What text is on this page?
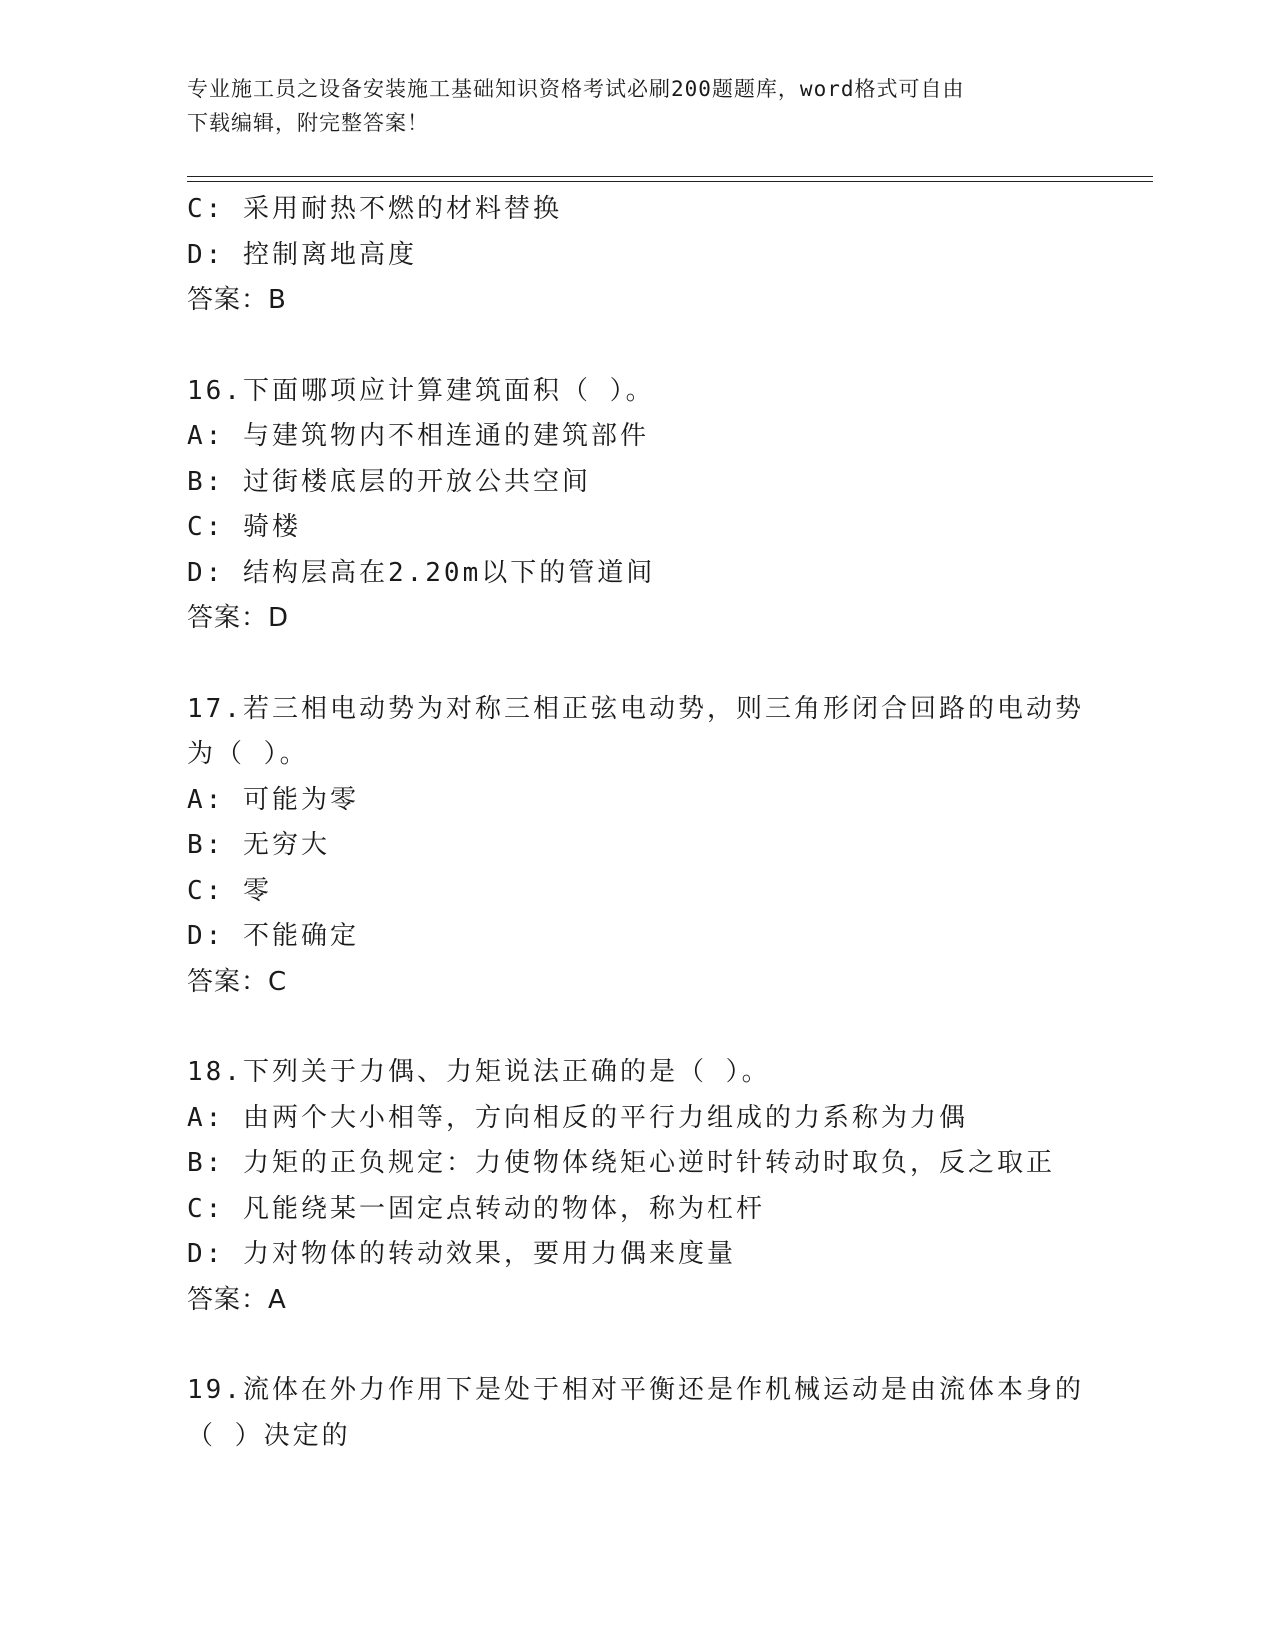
专业施工员之设备安装施工基础知识资格考试必刷200题题库，word格式可自由
下载编辑，附完整答案！
C: 采用耐热不燃的材料替换
D: 控制离地高度
答案：B
16.下面哪项应计算建筑面积（ ）。
A: 与建筑物内不相连通的建筑部件
B: 过街楼底层的开放公共空间
C: 骑楼
D: 结构层高在2.20m以下的管道间
答案：D
17.若三相电动势为对称三相正弦电动势，则三角形闭合回路的电动势
为（ ）。
A: 可能为零
B: 无穷大
C: 零
D: 不能确定
答案：C
18.下列关于力偶、力矩说法正确的是（ ）。
A: 由两个大小相等，方向相反的平行力组成的力系称为力偶
B: 力矩的正负规定：力使物体绕矩心逆时针转动时取负，反之取正
C: 凡能绕某一固定点转动的物体，称为杠杆
D: 力对物体的转动效果，要用力偶来度量
答案：A
19.流体在外力作用下是处于相对平衡还是作机械运动是由流体本身的
（ ）决定的
